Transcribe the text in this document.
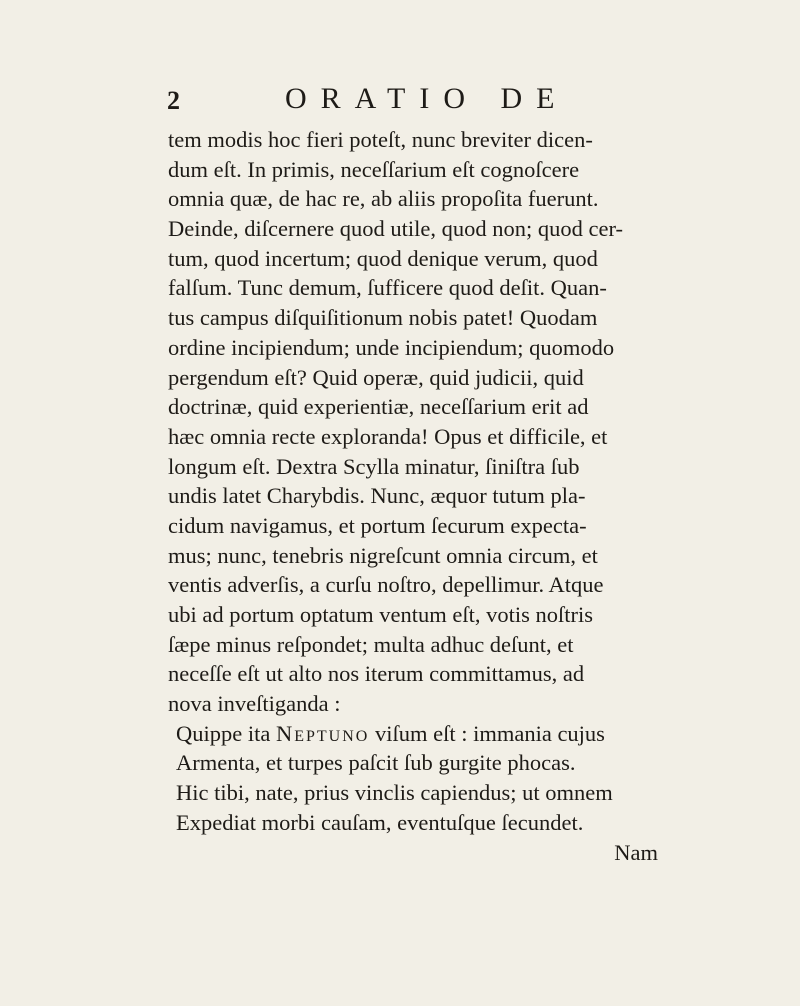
2	ORATIO DE
tem modis hoc fieri poteſt, nunc breviter dicen-
dum eſt. In primis, neceſſarium eſt cognoſcere
omnia quæ, de hac re, ab aliis propoſita fuerunt.
Deinde, diſcernere quod utile, quod non; quod cer-
tum, quod incertum; quod denique verum, quod
falſum. Tunc demum, ſufficere quod deſit. Quan-
tus campus diſquiſitionum nobis patet! Quodam
ordine incipiendum; unde incipiendum; quomodo
pergendum eſt? Quid operæ, quid judicii, quid
doctrinæ, quid experientiæ, neceſſarium erit ad
hæc omnia recte exploranda! Opus et difficile, et
longum eſt. Dextra Scylla minatur, ſiniſtra ſub
undis latet Charybdis. Nunc, æquor tutum pla-
cidum navigamus, et portum ſecurum expecta-
mus; nunc, tenebris nigreſcunt omnia circum, et
ventis adverſis, a curſu noſtro, depellimur. Atque
ubi ad portum optatum ventum eſt, votis noſtris
ſæpe minus reſpondet; multa adhuc deſunt, et
neceſſe eſt ut alto nos iterum committamus, ad
nova inveſtiganda :
Quippe ita Neptuno viſum eſt : immania cujus
Armenta, et turpes paſcit ſub gurgite phocas.
Hic tibi, nate, prius vinclis capiendus; ut omnem
Expediat morbi cauſam, eventuſque ſecundet.
Nam
